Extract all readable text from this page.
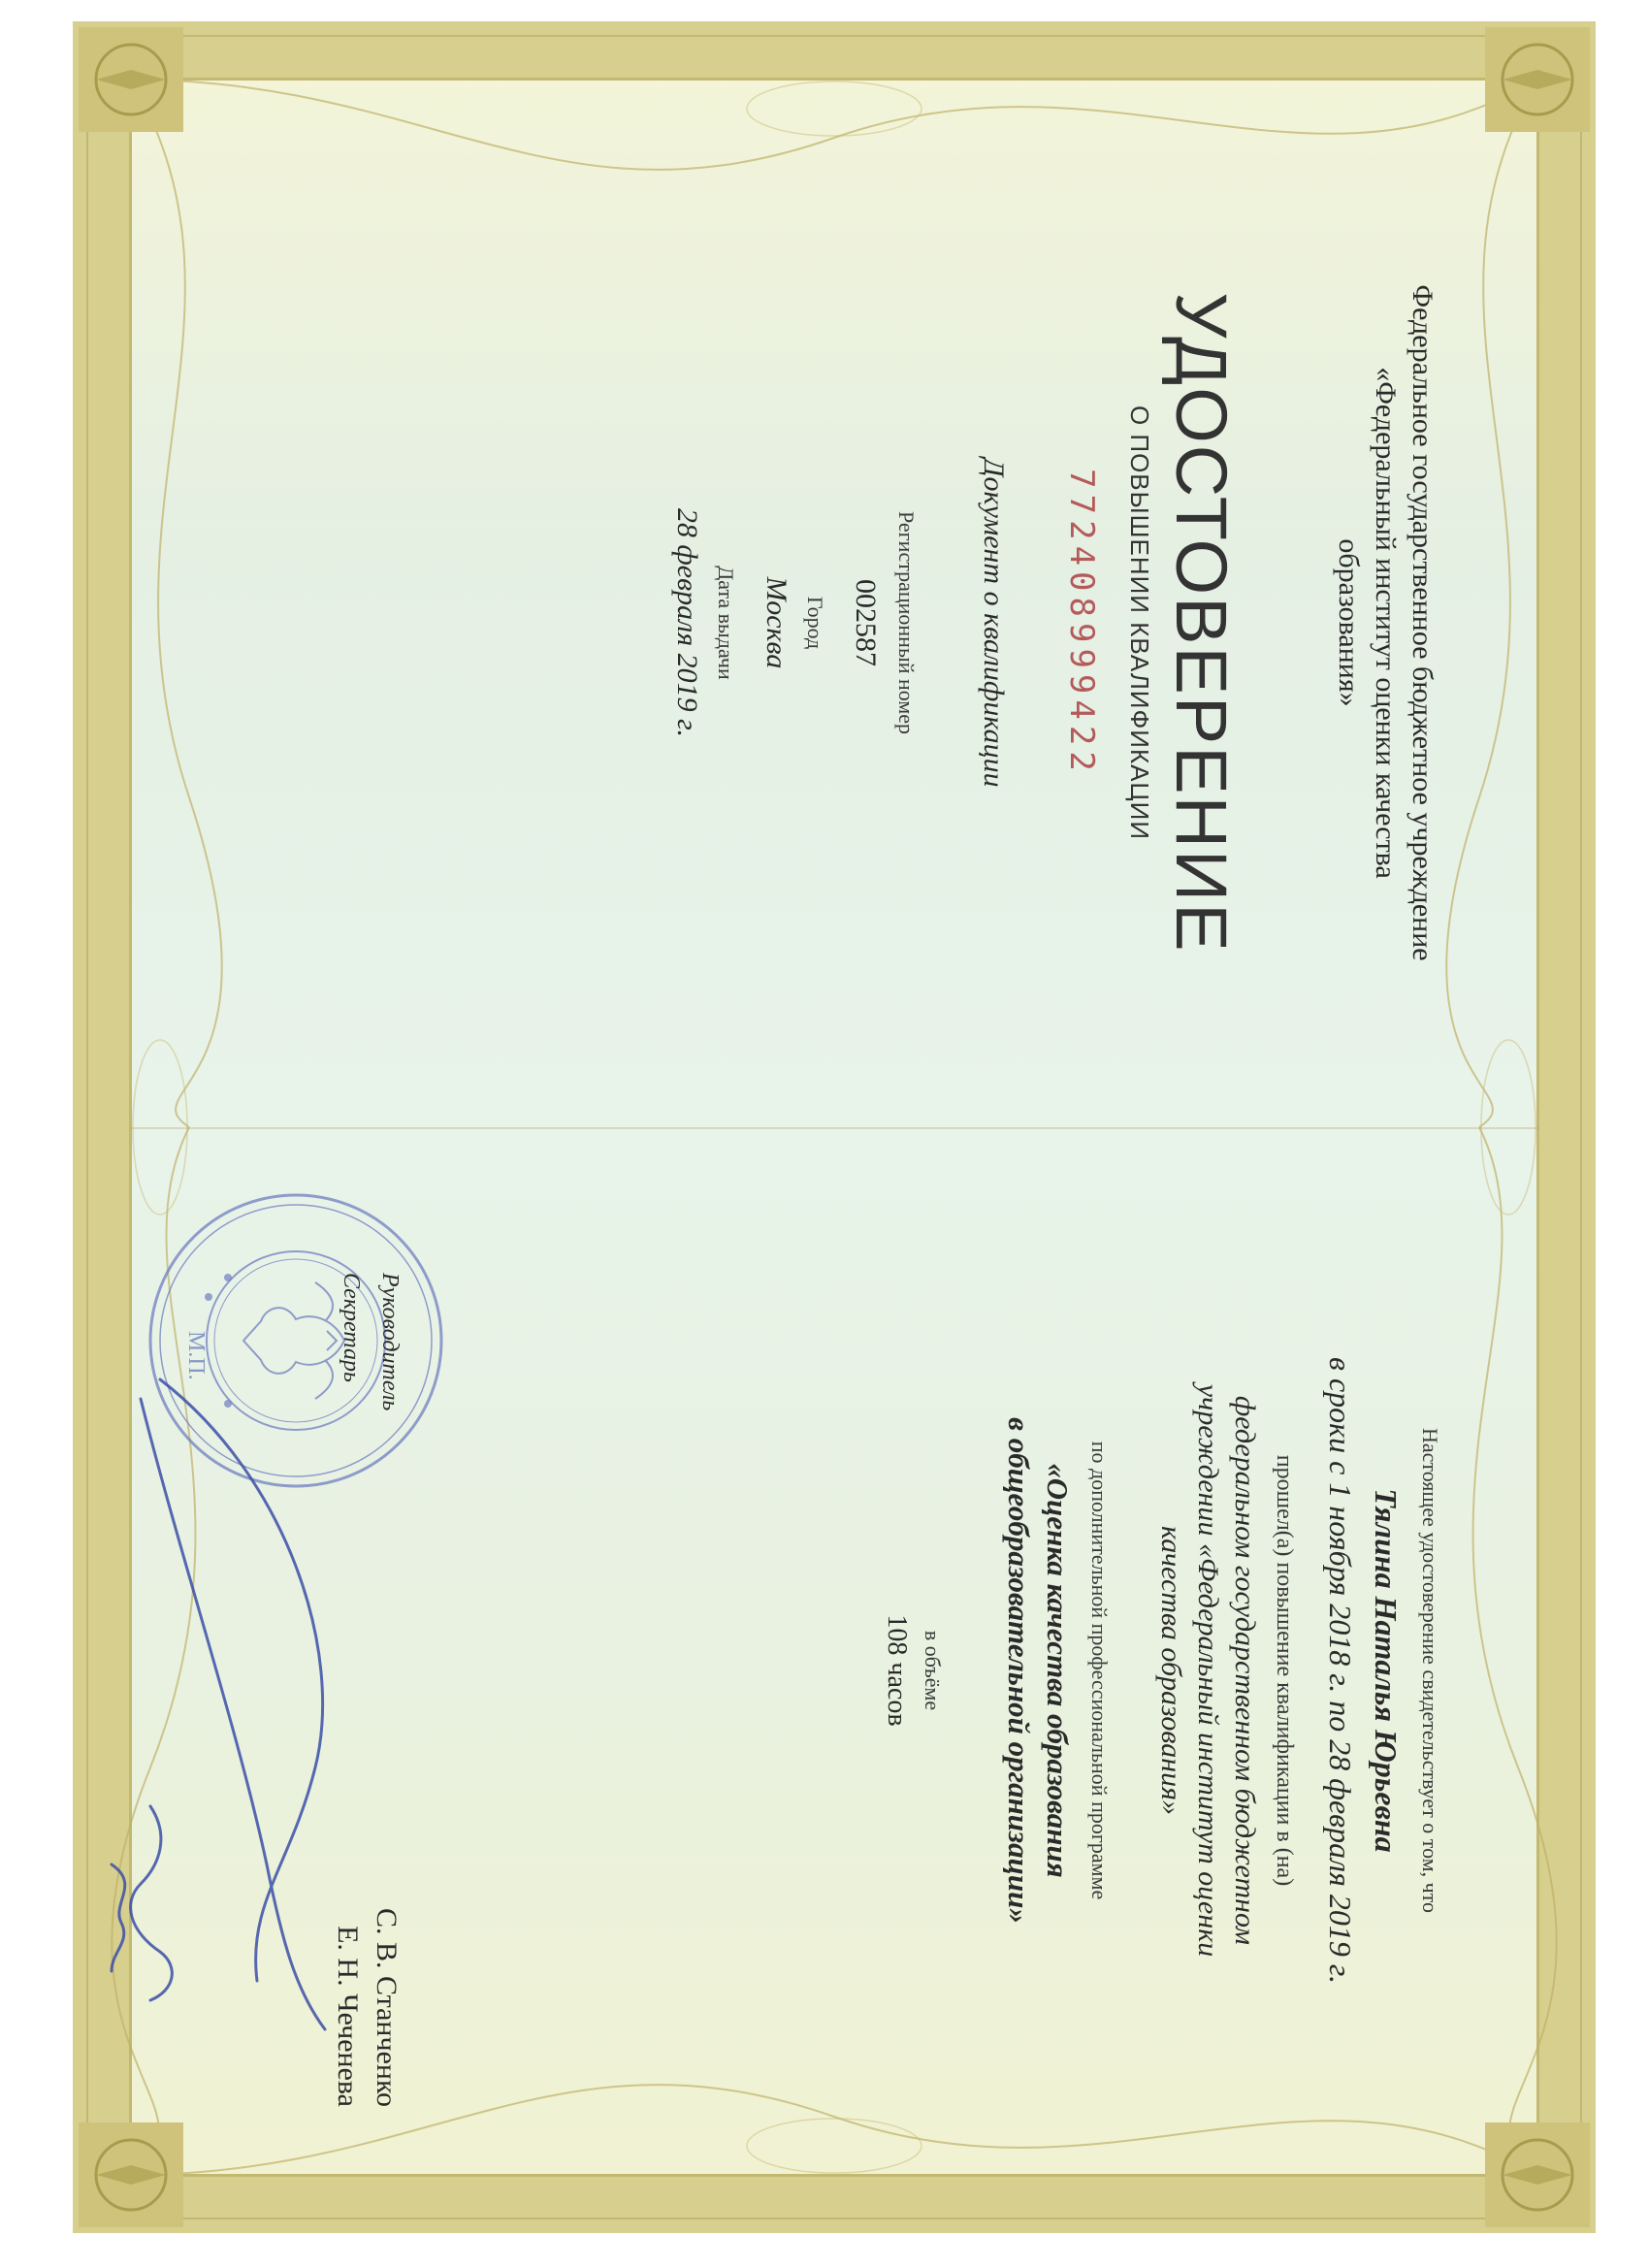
Федеральное государственное бюджетное учреждение
«Федеральный институт оценки качества
образования»
УДОСТОВЕРЕНИЕ
О ПОВЫШЕНИИ КВАЛИФИКАЦИИ
772408999422
Документ о квалификации
Регистрационный номер
002587
Город
Москва
Дата выдачи
28 февраля 2019 г.
Настоящее удостоверение свидетельствует о том, что
Тялина Наталья Юрьевна
в сроки с 1 ноября 2018 г. по 28 февраля 2019 г.
прошел(а) повышение квалификации в (на)
федеральном государственном бюджетном
учреждении «Федеральный институт оценки
качества образования»
по дополнительной профессиональной программе
«Оценка качества образования
в общеобразовательной организации»
в объёме
108 часов
М.П.	Руководитель
С. В. Станченко
Секретарь
Е. Н. Чеченева
